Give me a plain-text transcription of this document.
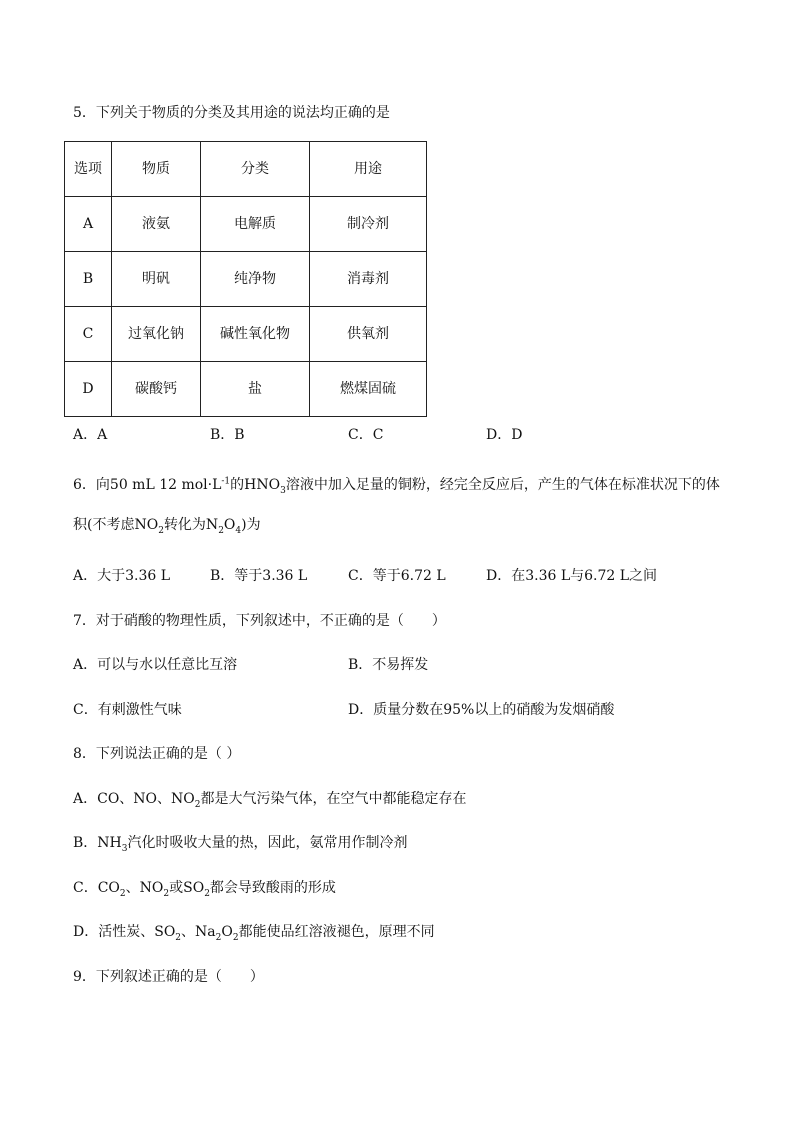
5．下列关于物质的分类及其用途的说法均正确的是
选项	物质	分类	用途
A	液氨	电解质	制冷剂
B	明矾	纯净物	消毒剂
C	过氧化钠	碱性氧化物	供氧剂
D	碳酸钙	盐	燃煤固硫
A．A	B．B	C．C	D．D
6．向50 mL 12 $mol\cdot L^{-1}$的$HNO_3$溶液中加入足量的铜粉，经完全反应后，产生的气体在标准状况下的体
积(不考虑$NO_2$转化为$N_2O_4$)为
A．大于3.36 L	B．等于3.36 L	C．等于6.72 L	D．在3.36 L与6.72 L之间
7．对于硝酸的物理性质，下列叙述中，不正确的是（　　）
A．可以与水以任意比互溶	B．不易挥发
C．有刺激性气味	D．质量分数在95%以上的硝酸为发烟硝酸
8．下列说法正确的是（ ）
A．CO、NO、$NO_2$都是大气污染气体，在空气中都能稳定存在
B．$NH_3$汽化时吸收大量的热，因此，氨常用作制冷剂
C．$CO_2$、$NO_2$或$SO_2$都会导致酸雨的形成
D．活性炭、$SO_2$、$Na_2O_2$都能使品红溶液褪色，原理不同
9．下列叙述正确的是（　　）
